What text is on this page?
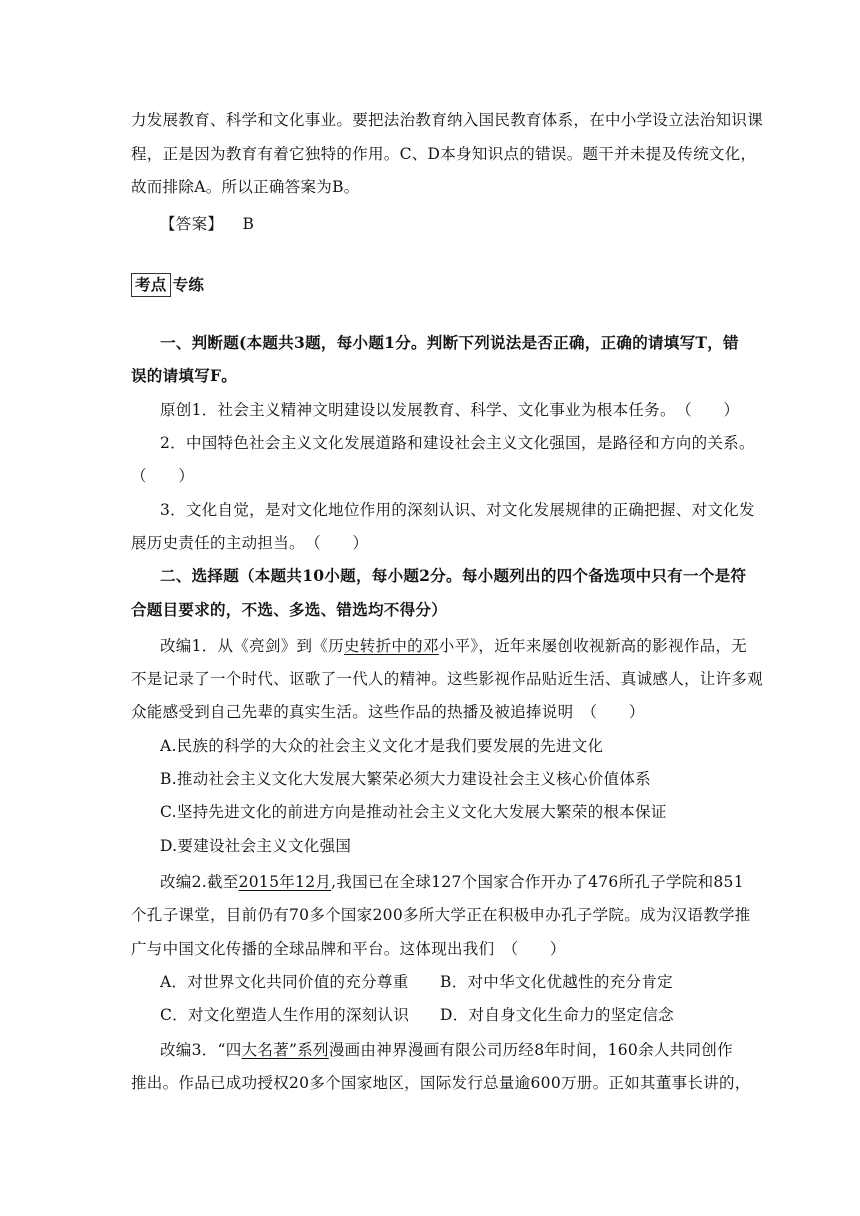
力发展教育、科学和文化事业。要把法治教育纳入国民教育体系，在中小学设立法治知识课
程，正是因为教育有着它独特的作用。C、D本身知识点的错误。题干并未提及传统文化，
故而排除A。所以正确答案为B。
【答案】 B
考点 专练
一、判断题(本题共3题，每小题1分。判断下列说法是否正确，正确的请填写T，错
误的请填写F。
原创1．社会主义精神文明建设以发展教育、科学、文化事业为根本任务。　（　　）
2．中国特色社会主义文化发展道路和建设社会主义文化强国，是路径和方向的关系。
（　　）
3．文化自觉，是对文化地位作用的深刻认识、对文化发展规律的正确把握、对文化发
展历史责任的主动担当。　（　　）
二、选择题（本题共10小题，每小题2分。每小题列出的四个备选项中只有一个是符
合题目要求的，不选、多选、错选均不得分）
改编1．从《亮剑》到《历史转折中的邓小平》，近年来屡创收视新高的影视作品，无
不是记录了一个时代、讴歌了一代人的精神。这些影视作品贴近生活、真诚感人，让许多观
众能感受到自己先辈的真实生活。这些作品的热播及被追捧说明　（　　）
A.民族的科学的大众的社会主义文化才是我们要发展的先进文化
B.推动社会主义文化大发展大繁荣必须大力建设社会主义核心价值体系
C.坚持先进文化的前进方向是推动社会主义文化大发展大繁荣的根本保证
D.要建设社会主义文化强国
改编2.截至2015年12月,我国已在全球127个国家合作开办了476所孔子学院和851
个孔子课堂，目前仍有70多个国家200多所大学正在积极申办孔子学院。成为汉语教学推
广与中国文化传播的全球品牌和平台。这体现出我们　（　　）
A．对世界文化共同价值的充分尊重 B．对中华文化优越性的充分肯定
C．对文化塑造人生作用的深刻认识 D．对自身文化生命力的坚定信念
改编3．“四大名著”系列漫画由神界漫画有限公司历经8年时间，160余人共同创作
推出。作品已成功授权20多个国家地区，国际发行总量逾600万册。正如其董事长讲的，
